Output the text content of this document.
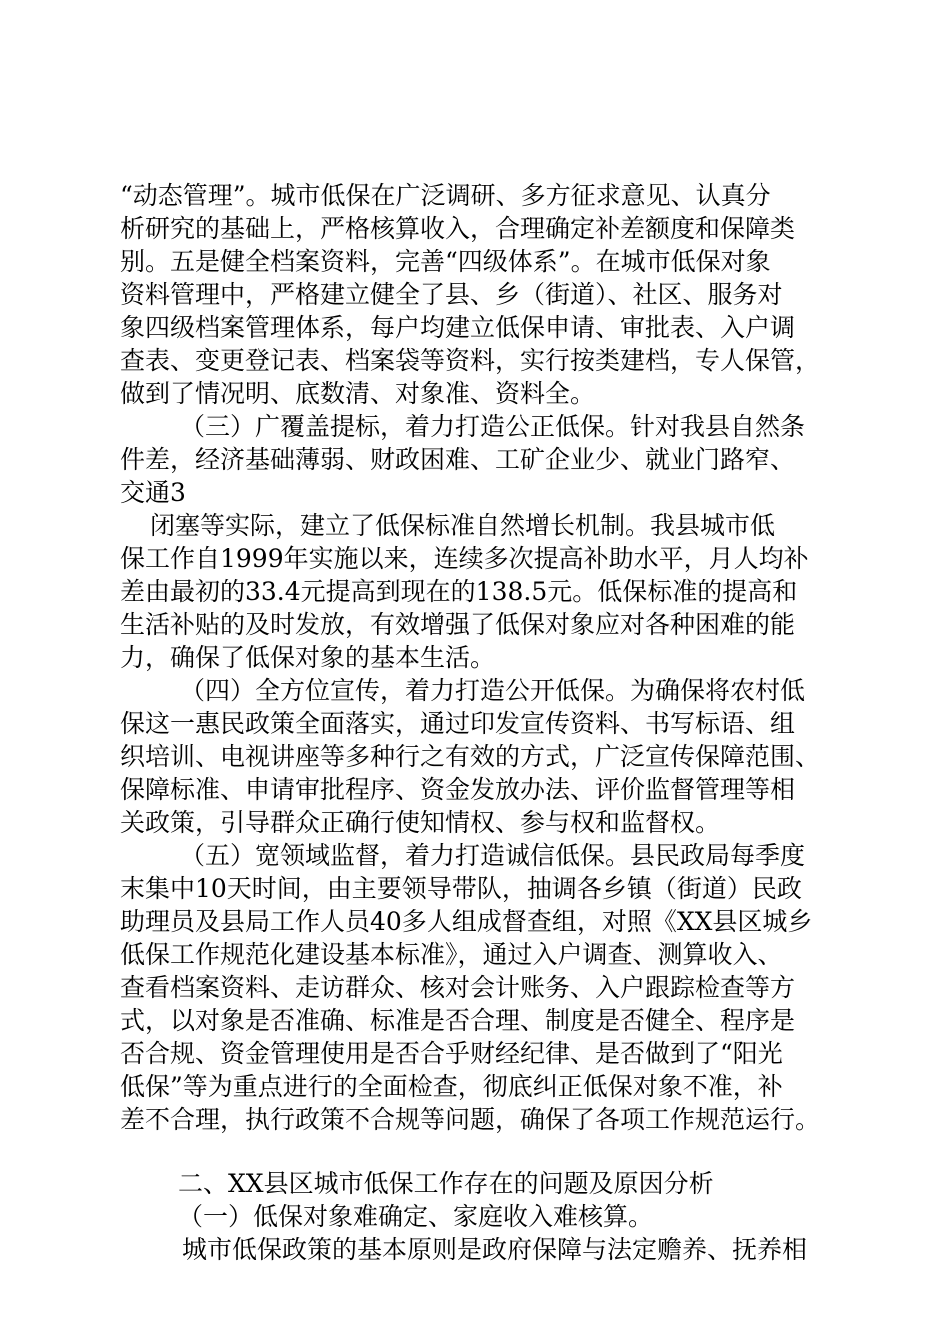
“动态管理”。城市低保在广泛调研、多方征求意见、认真分

析研究的基础上，严格核算收入，合理确定补差额度和保障类

别。五是健全档案资料，完善“四级体系”。在城市低保对象

资料管理中，严格建立健全了县、乡（街道）、社区、服务对

象四级档案管理体系，每户均建立低保申请、审批表、入户调

查表、变更登记表、档案袋等资料，实行按类建档，专人保管，

做到了情况明、底数清、对象准、资料全。

（三）广覆盖提标，着力打造公正低保。针对我县自然条

件差，经济基础薄弱、财政困难、工矿企业少、就业门路窄、

交通3

闭塞等实际，建立了低保标准自然增长机制。我县城市低

保工作自1999年实施以来，连续多次提高补助水平，月人均补

差由最初的33.4元提高到现在的138.5元。低保标准的提高和

生活补贴的及时发放，有效增强了低保对象应对各种困难的能

力，确保了低保对象的基本生活。

（四）全方位宣传，着力打造公开低保。为确保将农村低

保这一惠民政策全面落实，通过印发宣传资料、书写标语、组

织培训、电视讲座等多种行之有效的方式，广泛宣传保障范围、

保障标准、申请审批程序、资金发放办法、评价监督管理等相

关政策，引导群众正确行使知情权、参与权和监督权。

（五）宽领域监督，着力打造诚信低保。县民政局每季度

末集中10天时间，由主要领导带队，抽调各乡镇（街道）民政

助理员及县局工作人员40多人组成督查组，对照《XX县区城乡

低保工作规范化建设基本标准》，通过入户调查、测算收入、

查看档案资料、走访群众、核对会计账务、入户跟踪检查等方

式，以对象是否准确、标准是否合理、制度是否健全、程序是

否合规、资金管理使用是否合乎财经纪律、是否做到了“阳光

低保”等为重点进行的全面检查，彻底纠正低保对象不准，补

差不合理，执行政策不合规等问题，确保了各项工作规范运行。

二、XX县区城市低保工作存在的问题及原因分析

（一）低保对象难确定、家庭收入难核算。

城市低保政策的基本原则是政府保障与法定赡养、抚养相
